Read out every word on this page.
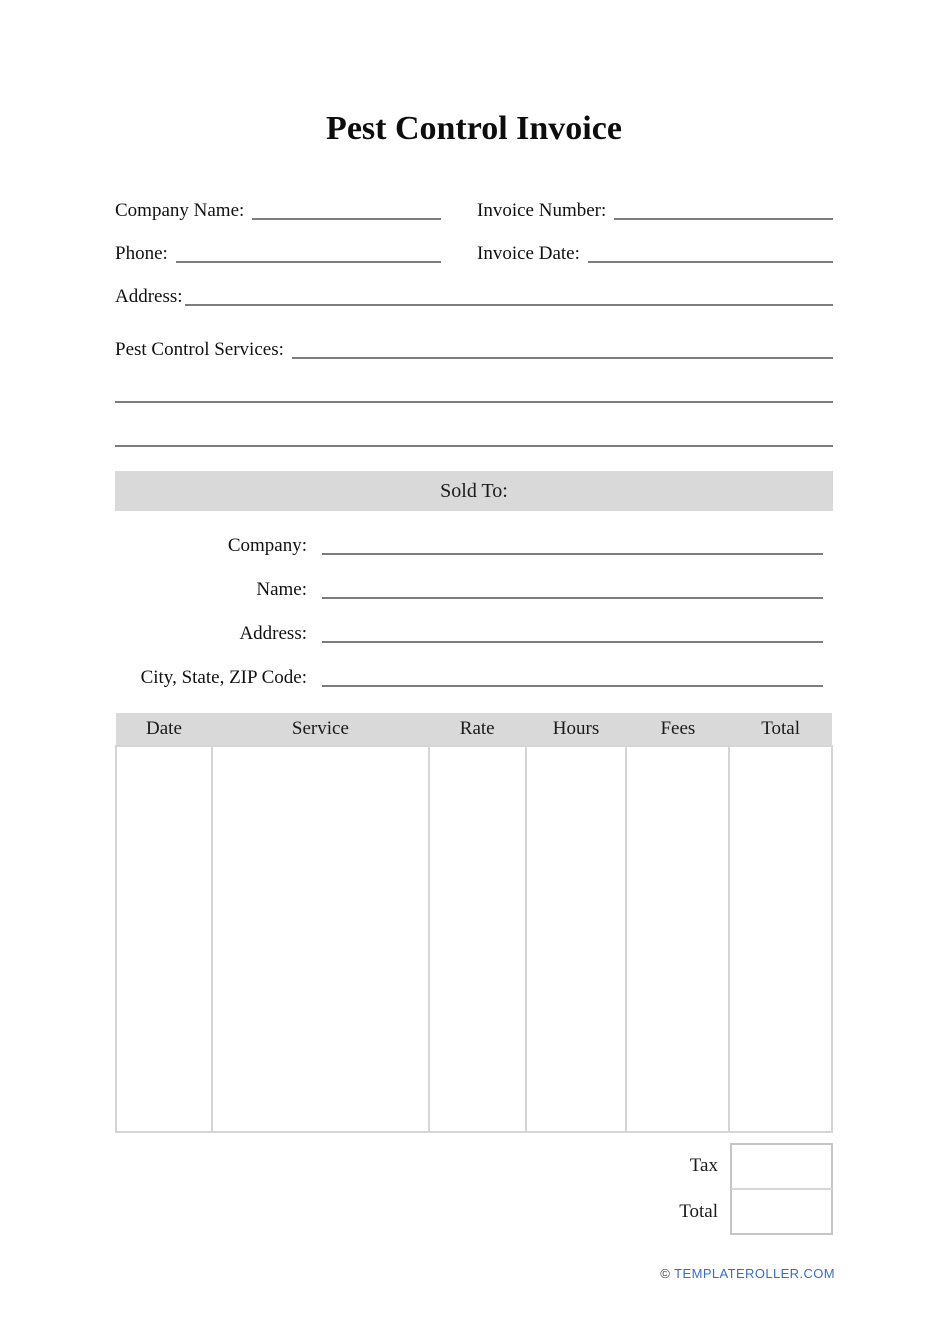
Pest Control Invoice
Company Name:	Invoice Number:
Phone:	Invoice Date:
Address:
Pest Control Services:
Sold To:
Company:
Name:
Address:
City, State, ZIP Code:
Date	Service	Rate	Hours	Fees	Total

Tax
Total
© TEMPLATEROLLER.COM
